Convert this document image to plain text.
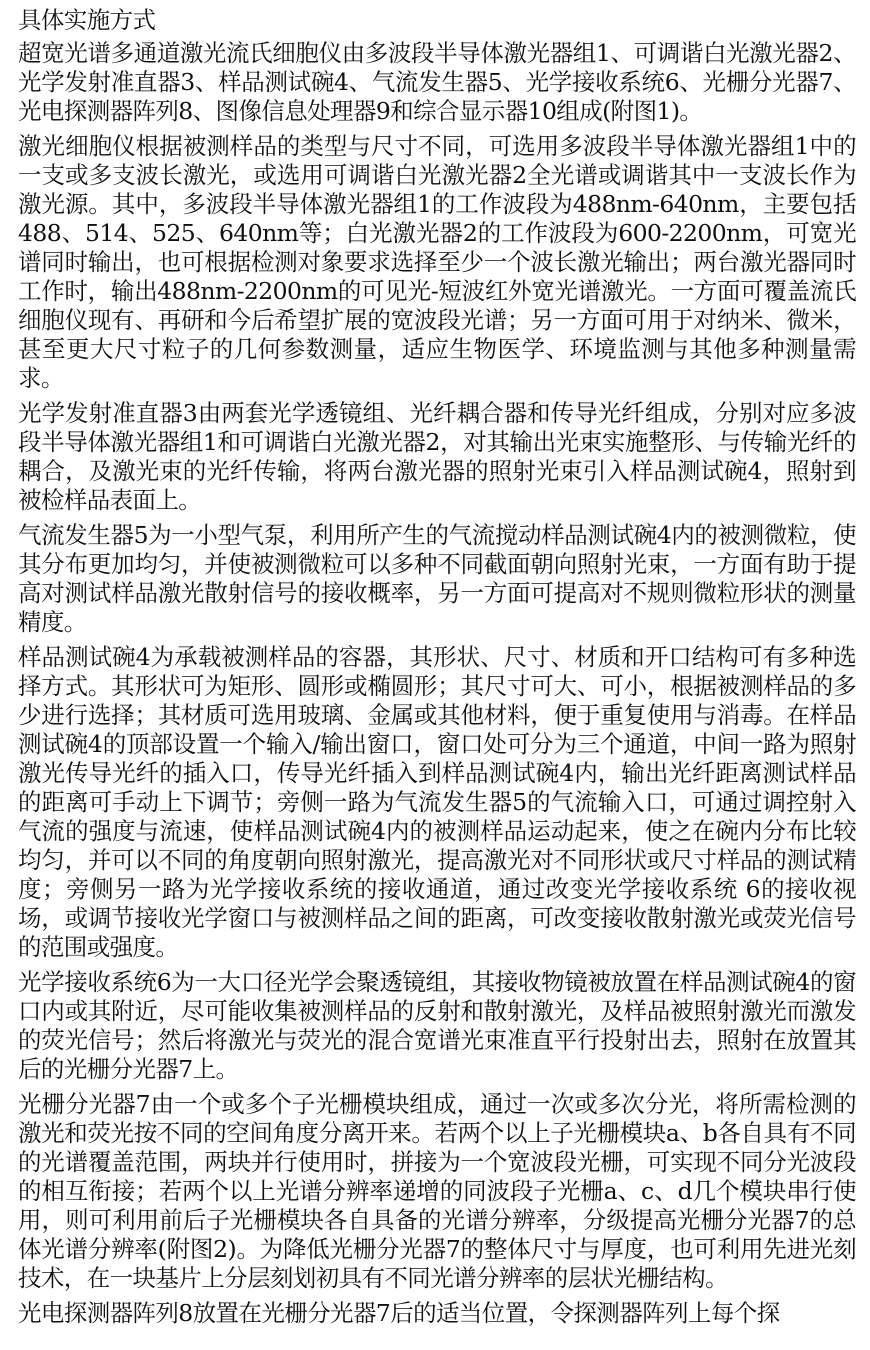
具体实施方式

超宽光谱多通道激光流氏细胞仪由多波段半导体激光器组1、可调谐白光激光器2、光学发射准直器3、样品测试碗4、气流发生器5、光学接收系统6、光栅分光器7、光电探测器阵列8、图像信息处理器9和综合显示器10组成(附图1)。

激光细胞仪根据被测样品的类型与尺寸不同，可选用多波段半导体激光器组1中的一支或多支波长激光，或选用可调谐白光激光器2全光谱或调谐其中一支波长作为激光源。其中，多波段半导体激光器组1的工作波段为488nm-640nm，主要包括488、514、525、640nm等；白光激光器2的工作波段为600-2200nm，可宽光谱同时输出，也可根据检测对象要求选择至少一个波长激光输出；两台激光器同时工作时，输出488nm-2200nm的可见光-短波红外宽光谱激光。一方面可覆盖流氏细胞仪现有、再研和今后希望扩展的宽波段光谱；另一方面可用于对纳米、微米，甚至更大尺寸粒子的几何参数测量，适应生物医学、环境监测与其他多种测量需求。

光学发射准直器3由两套光学透镜组、光纤耦合器和传导光纤组成，分别对应多波段半导体激光器组1和可调谐白光激光器2，对其输出光束实施整形、与传输光纤的耦合，及激光束的光纤传输，将两台激光器的照射光束引入样品测试碗4，照射到被检样品表面上。

气流发生器5为一小型气泵，利用所产生的气流搅动样品测试碗4内的被测微粒，使其分布更加均匀，并使被测微粒可以多种不同截面朝向照射光束，一方面有助于提高对测试样品激光散射信号的接收概率，另一方面可提高对不规则微粒形状的测量精度。

样品测试碗4为承载被测样品的容器，其形状、尺寸、材质和开口结构可有多种选择方式。其形状可为矩形、圆形或椭圆形；其尺寸可大、可小，根据被测样品的多少进行选择；其材质可选用玻璃、金属或其他材料，便于重复使用与消毒。在样品测试碗4的顶部设置一个输入/输出窗口，窗口处可分为三个通道，中间一路为照射激光传导光纤的插入口，传导光纤插入到样品测试碗4内，输出光纤距离测试样品的距离可手动上下调节；旁侧一路为气流发生器5的气流输入口，可通过调控射入气流的强度与流速，使样品测试碗4内的被测样品运动起来，使之在碗内分布比较均匀，并可以不同的角度朝向照射激光，提高激光对不同形状或尺寸样品的测试精度；旁侧另一路为光学接收系统的接收通道，通过改变光学接收系统 6的接收视场，或调节接收光学窗口与被测样品之间的距离，可改变接收散射激光或荧光信号的范围或强度。

光学接收系统6为一大口径光学会聚透镜组，其接收物镜被放置在样品测试碗4的窗口内或其附近，尽可能收集被测样品的反射和散射激光，及样品被照射激光而激发的荧光信号；然后将激光与荧光的混合宽谱光束准直平行投射出去，照射在放置其后的光栅分光器7上。

光栅分光器7由一个或多个子光栅模块组成，通过一次或多次分光，将所需检测的激光和荧光按不同的空间角度分离开来。若两个以上子光栅模块a、b各自具有不同的光谱覆盖范围，两块并行使用时，拼接为一个宽波段光栅，可实现不同分光波段的相互衔接；若两个以上光谱分辨率递增的同波段子光栅a、c、d几个模块串行使用，则可利用前后子光栅模块各自具备的光谱分辨率，分级提高光栅分光器7的总体光谱分辨率(附图2)。为降低光栅分光器7的整体尺寸与厚度，也可利用先进光刻技术，在一块基片上分层刻划初具有不同光谱分辨率的层状光栅结构。

光电探测器阵列8放置在光栅分光器7后的适当位置，令探测器阵列上每个探
